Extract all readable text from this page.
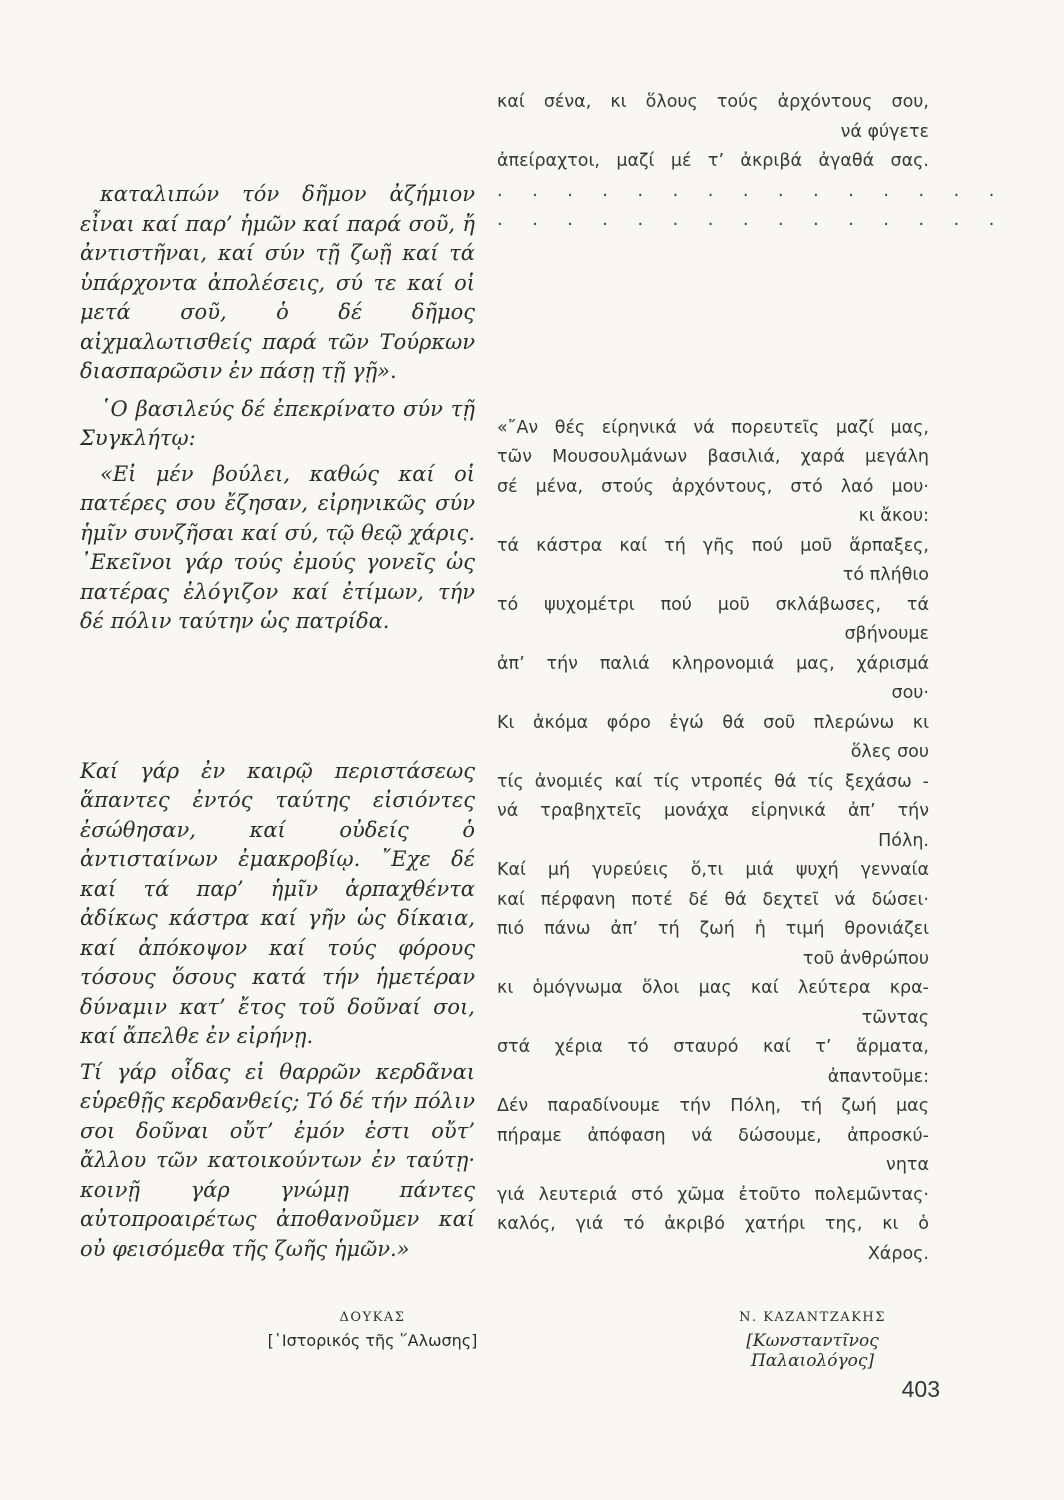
καταλιπών τόν δῆμον ἀζήμιον εἶναι καί παρ’ ἡμῶν καί παρά σοῦ, ἤ ἀντιστῆναι, καί σύν τῇ ζωῇ καί τά ὑπάρχοντα ἀπολέσεις, σύ τε καί οἱ μετά σοῦ, ὁ δέ δῆμος αἰχμαλωτισθείς παρά τῶν Τούρκων διασπαρῶσιν ἐν πάσῃ τῇ γῇ».

῾Ο βασιλεύς δέ ἐπεκρίνατο σύν τῇ Συγκλήτῳ:

«Εἰ μέν βούλει, καθώς καί οἱ πατέρες σου ἔζησαν, εἰρηνικῶς σύν ἡμῖν συνζῆσαι καί σύ, τῷ θεῷ χάρις. ᾿Εκεῖνοι γάρ τούς ἐμούς γονεῖς ὡς πατέρας ἐλόγιζον καί ἐτίμων, τήν δέ πόλιν ταύτην ὡς πατρίδα.

Καί γάρ ἐν καιρῷ περιστάσεως ἅπαντες ἐντός ταύτης εἰσιόντες ἐσώθησαν, καί οὐδείς ὁ ἀντισταίνων ἐμακροβίῳ. ῎Εχε δέ καί τά παρ’ ἡμῖν ἁρπαχθέντα ἀδίκως κάστρα καί γῆν ὡς δίκαια, καί ἀπόκοψον καί τούς φόρους τόσους ὅσους κατά τήν ἡμετέραν δύναμιν κατ’ ἔτος τοῦ δοῦναί σοι, καί ἄπελθε ἐν εἰρήνῃ.

Τί γάρ οἶδας εἰ θαρρῶν κερδᾶναι εὑρεθῇς κερδανθείς; Τό δέ τήν πόλιν σοι δοῦναι οὔτ’ ἐμόν ἐστι οὔτ’ ἄλλου τῶν κατοικούντων ἐν ταύτῃ· κοινῇ γάρ γνώμῃ πάντες αὐτοπροαιρέτως ἀποθανοῦμεν καί οὐ φεισόμεθα τῆς ζωῆς ἡμῶν.»

καί σένα, κι ὅλους τούς ἀρχόντους σου,
νά φύγετε
ἀπείραχτοι, μαζί μέ τ’ ἀκριβά ἀγαθά σας.
. . . . . . . . . . . . . . .
. . . . . . . . . . . . . . .
«῎Αν θές είρηνικά νά πορευτεῖς μαζί μας,
τῶν Μουσουλμάνων βασιλιά, χαρά μεγάλη
σέ μένα, στούς ἀρχόντους, στό λαό μου·
κι ἄκου:
τά κάστρα καί τή γῆς πού μοῦ ἅρπαξες,
τό πλήθιο
τό ψυχομέτρι πού μοῦ σκλάβωσες, τά
σβήνουμε
ἀπ’ τήν παλιά κληρονομιά μας, χάρισμά
σου·
Κι ἀκόμα φόρο ἐγώ θά σοῦ πλερώνω κι
ὅλες σου
τίς ἀνομιές καί τίς ντροπές θά τίς ξεχάσω -
νά τραβηχτεῖς μονάχα εἰρηνικά ἀπ’ τήν
Πόλη.
Καί μή γυρεύεις ὅ,τι μιά ψυχή γενναία
καί πέρφανη ποτέ δέ θά δεχτεῖ νά δώσει·
πιό πάνω ἀπ’ τή ζωή ἡ τιμή θρονιάζει
τοῦ ἀνθρώπου
κι ὁμόγνωμα ὅλοι μας καί λεύτερα κρα-
τῶντας
στά χέρια τό σταυρό καί τ’ ἅρματα,
ἀπαντοῦμε:
Δέν παραδίνουμε τήν Πόλη, τή ζωή μας
πήραμε ἀπόφαση νά δώσουμε, ἀπροσκύ-
νητα
γιά λευτεριά στό χῶμα ἐτοῦτο πολεμῶντας·
καλός, γιά τό ἀκριβό χατήρι της, κι ὁ
Χάρος.
ΔΟΥΚΑΣ
[῾Ιστορικός τῆς ῞Αλωσης]
Ν. ΚΑΖΑΝΤΖΑΚΗΣ
[Κωνσταντῖνος Παλαιολόγος]
403
